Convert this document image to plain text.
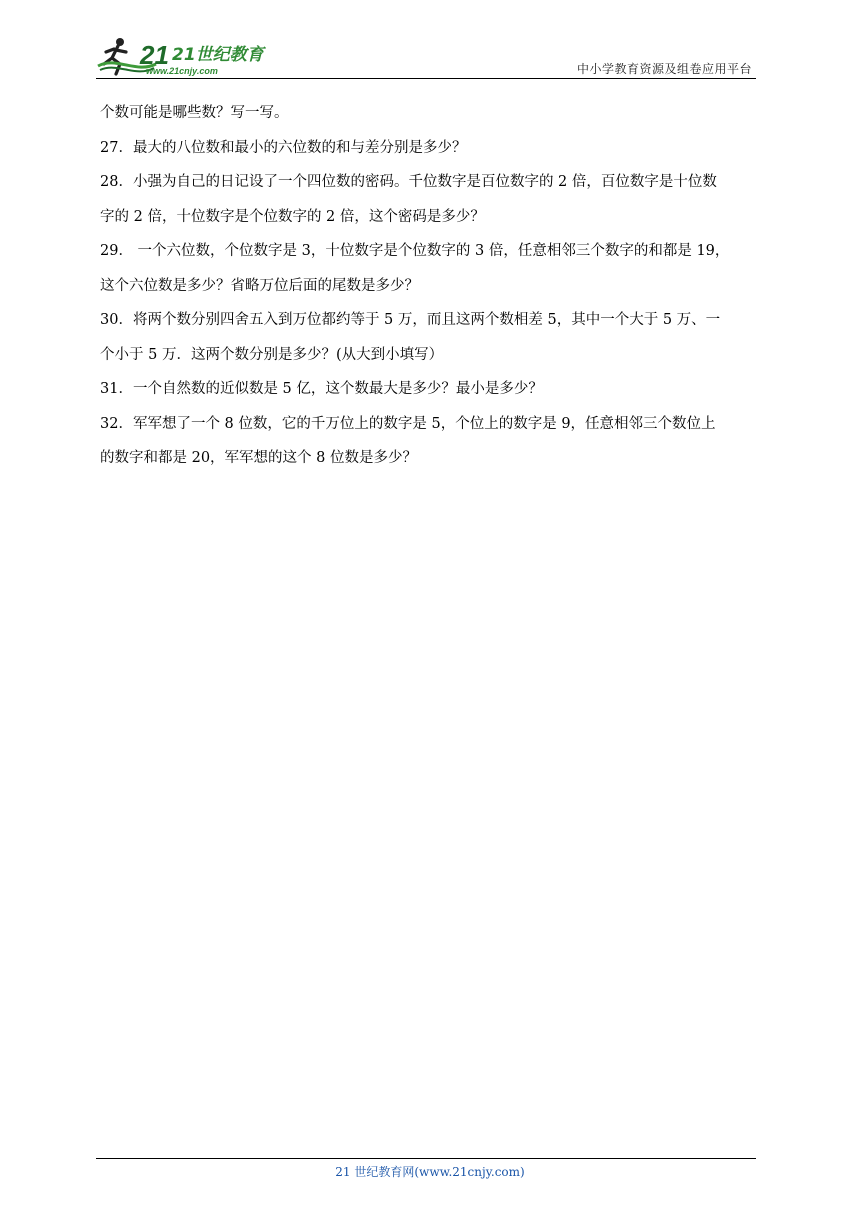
21 21世纪教育
www.21cnjy.com	中小学教育资源及组卷应用平台

个数可能是哪些数？写一写。

27．最大的八位数和最小的六位数的和与差分别是多少？

28．小强为自己的日记设了一个四位数的密码。千位数字是百位数字的 2 倍，百位数字是十位数

字的 2 倍，十位数字是个位数字的 2 倍，这个密码是多少？

29． 一个六位数，个位数字是 3，十位数字是个位数字的 3 倍，任意相邻三个数字的和都是 19，

这个六位数是多少？省略万位后面的尾数是多少？

30．将两个数分别四舍五入到万位都约等于 5 万，而且这两个数相差 5，其中一个大于 5 万、一

个小于 5 万．这两个数分别是多少？(从大到小填写）

31．一个自然数的近似数是 5 亿，这个数最大是多少？最小是多少？

32．军军想了一个 8 位数，它的千万位上的数字是 5，个位上的数字是 9，任意相邻三个数位上

的数字和都是 20，军军想的这个 8 位数是多少？

21 世纪教育网(www.21cnjy.com)
